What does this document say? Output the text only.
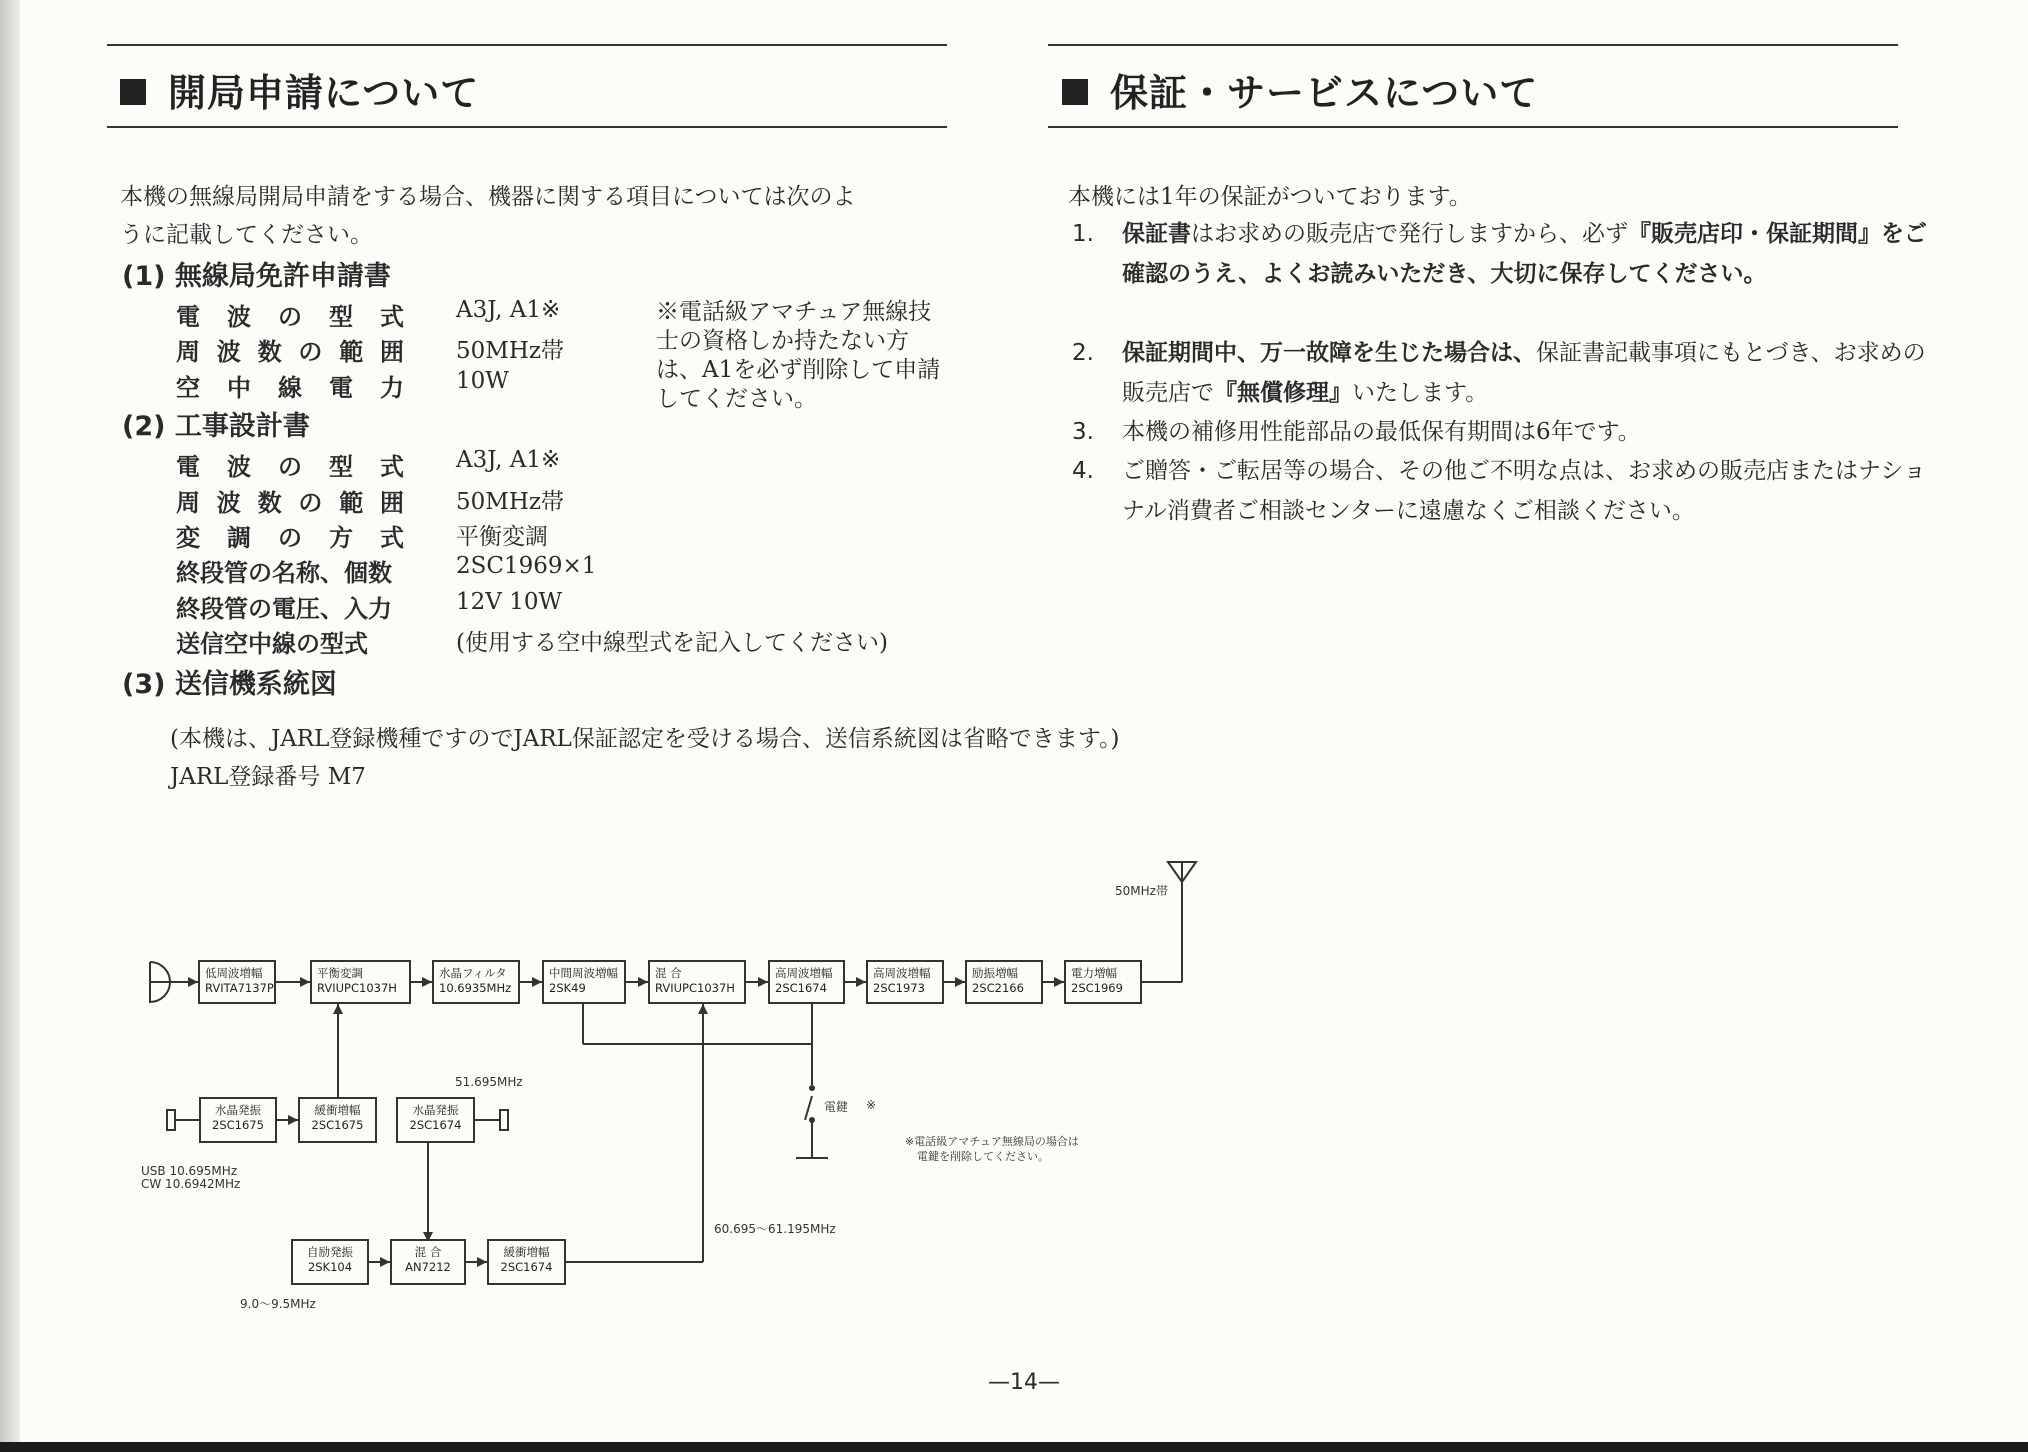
開局申請について
本機の無線局開局申請をする場合、機器に関する項目については次のよ
うに記載してください。
(1) 無線局免許申請書
電波の型式 A3J, A1※
周波数の範囲 50MHz帯
空中線電力 10W
※電話級アマチュア無線技士の資格しか持たない方は、A1を必ず削除して申請してください。
(2) 工事設計書
電波の型式 A3J, A1※
周波数の範囲 50MHz帯
変調の方式 平衡変調
終段管の名称、個数	2SC1969×1
終段管の電圧、入力	12V 10W
送信空中線の型式	(使用する空中線型式を記入してください)
(3) 送信機系統図
(本機は、JARL登録機種ですのでJARL保証認定を受ける場合、送信系統図は省略できます。)
JARL登録番号 M7
保証・サービスについて
本機には1年の保証がついております。
1.	保証書はお求めの販売店で発行しますから、必ず『販売店印・保証期間』をご確認のうえ、よくお読みいただき、大切に保存してください。
2.	保証期間中、万一故障を生じた場合は、保証書記載事項にもとづき、お求めの販売店で『無償修理』いたします。
3.	本機の補修用性能部品の最低保有期間は6年です。
4.	ご贈答・ご転居等の場合、その他ご不明な点は、お求めの販売店またはナショナル消費者ご相談センターに遠慮なくご相談ください。
低周波増幅
RVITA7137P
平衡変調
RVIUPC1037H
水晶フィルタ
10.6935MHz
中間周波増幅
2SK49
混 合
RVIUPC1037H
高周波増幅
2SC1674
高周波増幅
2SC1973
励振増幅
2SC2166
電力増幅
2SC1969
水晶発振
2SC1675
緩衝増幅
2SC1675
水晶発振
2SC1674
自励発振
2SK104
混 合
AN7212
緩衝増幅
2SC1674
50MHz帯
51.695MHz
USB 10.695MHz
CW 10.6942MHz
9.0～9.5MHz
60.695～61.195MHz
電鍵 ※
※電話級アマチュア無線局の場合は
電鍵を削除してください。
—14—
